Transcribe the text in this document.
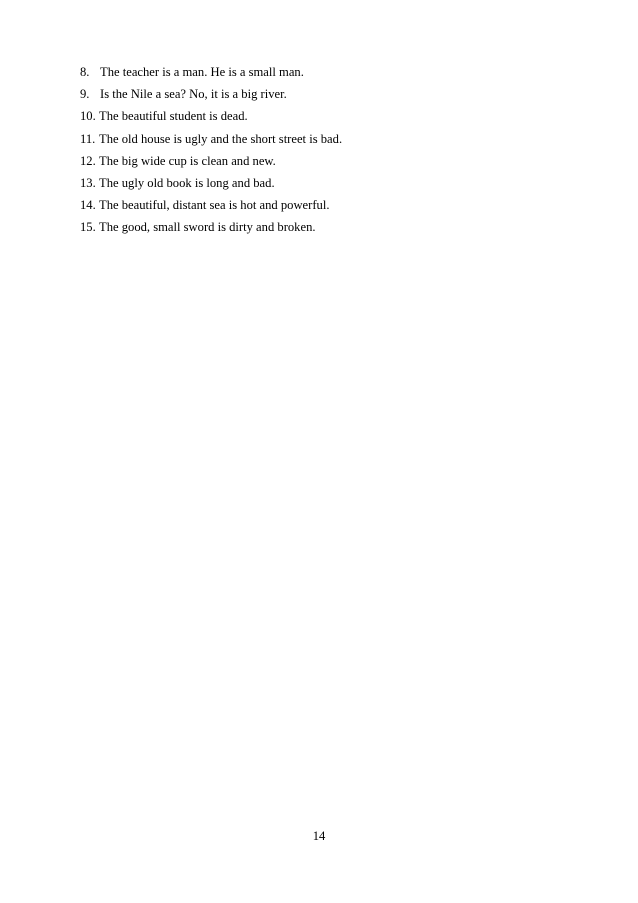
8. The teacher is a man. He is a small man.
9. Is the Nile a sea? No, it is a big river.
10. The beautiful student is dead.
11. The old house is ugly and the short street is bad.
12. The big wide cup is clean and new.
13. The ugly old book is long and bad.
14. The beautiful, distant sea is hot and powerful.
15. The good, small sword is dirty and broken.
14
